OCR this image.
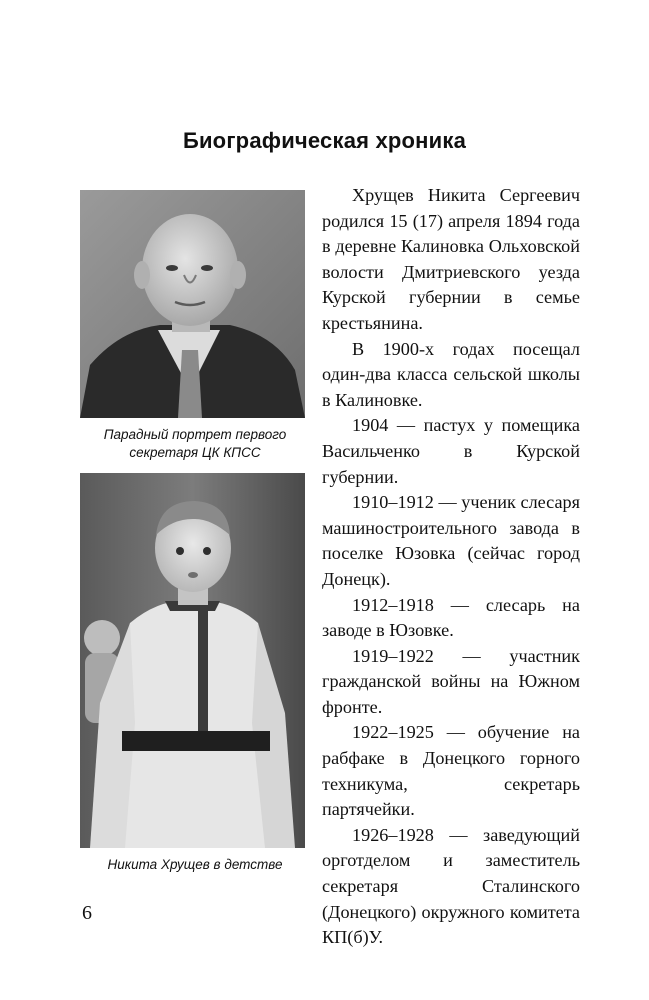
Биографическая хроника
Парадный портрет первого секретаря ЦК КПСС
Никита Хрущев в детстве

Хрущев Никита Сергеевич родился 15 (17) апреля 1894 года в деревне Калиновка Ольховской волости Дмитриевского уезда Курской губернии в семье крестьянина.

В 1900-х годах посещал один-два класса сельской школы в Калиновке.

1904 — пастух у помещика Васильченко в Курской губернии.

1910–1912 — ученик слесаря машиностроительного завода в поселке Юзовка (сейчас город Донецк).

1912–1918 — слесарь на заводе в Юзовке.

1919–1922 — участник гражданской войны на Южном фронте.

1922–1925 — обучение на рабфаке в Донецкого горного техникума, секретарь партячейки.

1926–1928 — заведующий орготделом и заместитель секретаря Сталинского (Донецкого) окружного комитета КП(б)У.

6
